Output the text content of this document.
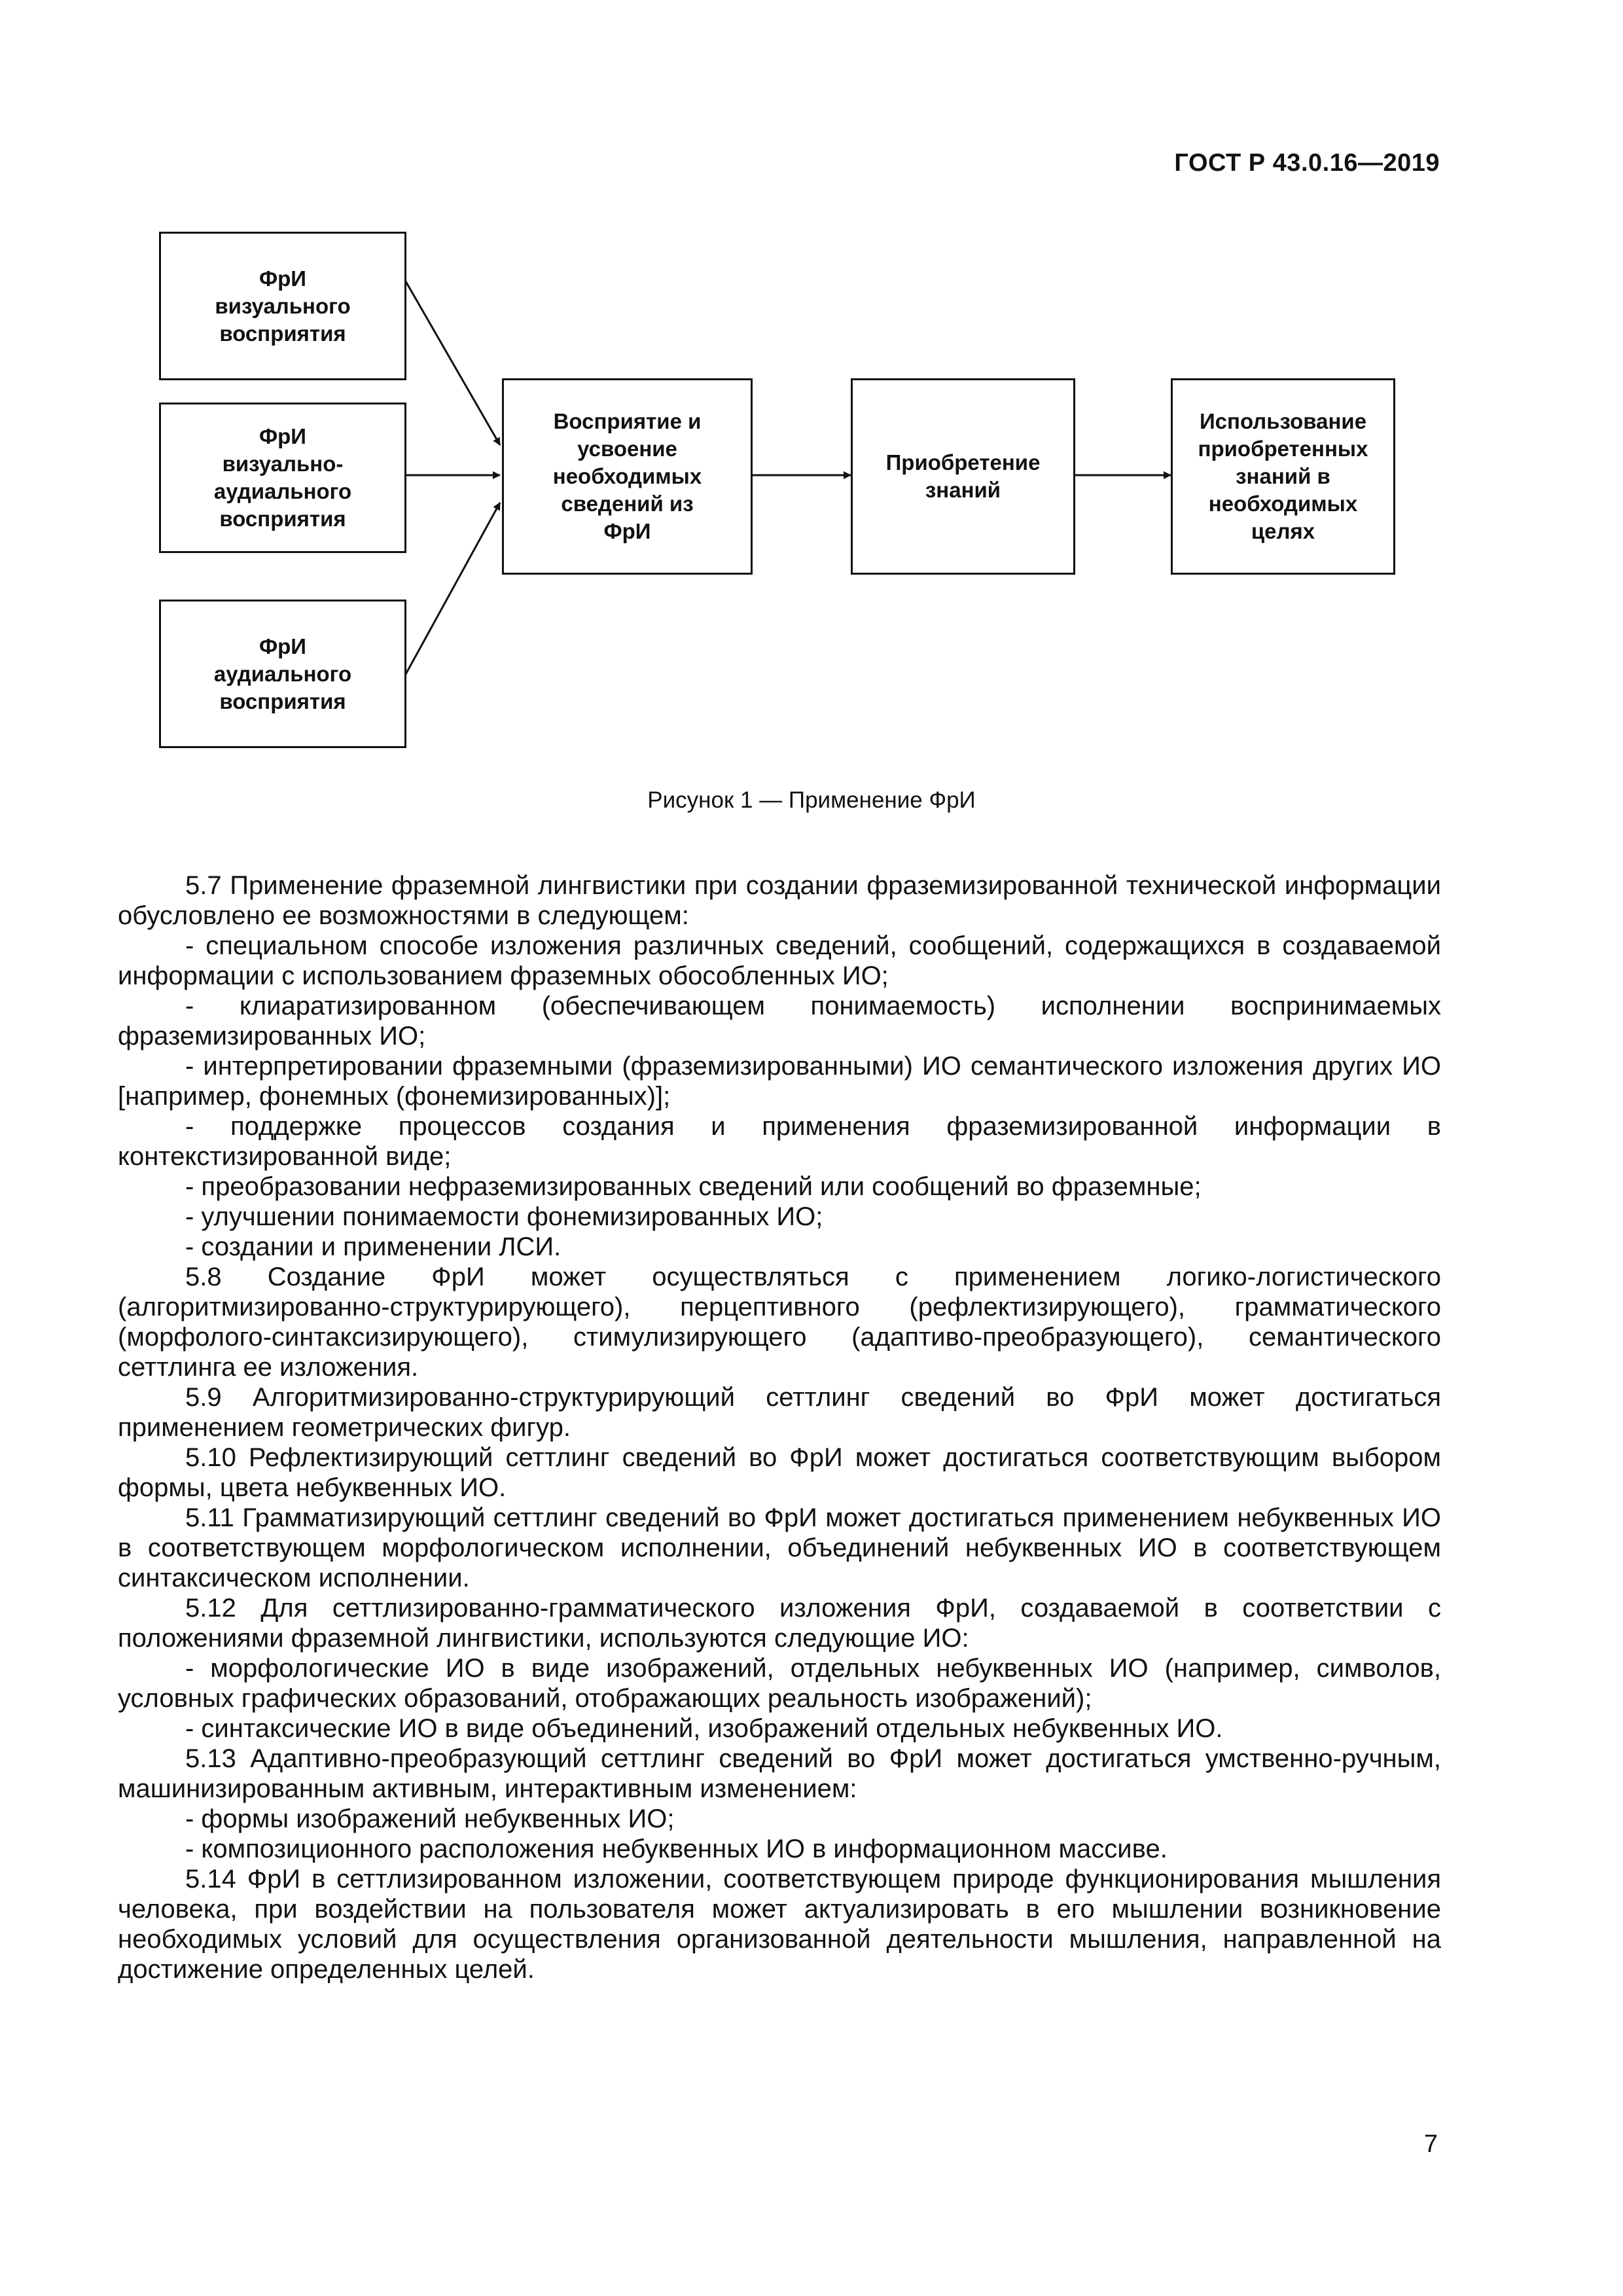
ГОСТ Р 43.0.16—2019
ФрИ
визуального
восприятия
ФрИ
визуально-
аудиального
восприятия
ФрИ
аудиального
восприятия
Восприятие и
усвоение
необходимых
сведений из
ФрИ
Приобретение
знаний
Использование
приобретенных
знаний в
необходимых
целях
Рисунок 1 — Применение ФрИ

5.7 Применение фраземной лингвистики при создании фраземизированной технической информации обусловлено ее возможностями в следующем:

- специальном способе изложения различных сведений, сообщений, содержащихся в создаваемой информации с использованием фраземных обособленных ИО;

- клиаратизированном (обеспечивающем понимаемость) исполнении воспринимаемых фраземизированных ИО;

- интерпретировании фраземными (фраземизированными) ИО семантического изложения других ИО [например, фонемных (фонемизированных)];

- поддержке процессов создания и применения фраземизированной информации в контекстизированной виде;

- преобразовании нефраземизированных сведений или сообщений во фраземные;

- улучшении понимаемости фонемизированных ИО;

- создании и применении ЛСИ.

5.8 Создание ФрИ может осуществляться с применением логико-логистического (алгоритмизированно-структурирующего), перцептивного (рефлектизирующего), грамматического (морфолого-синтаксизирующего), стимулизирующего (адаптиво-преобразующего), семантического сеттлинга ее изложения.

5.9 Алгоритмизированно-структурирующий сеттлинг сведений во ФрИ может достигаться применением геометрических фигур.

5.10 Рефлектизирующий сеттлинг сведений во ФрИ может достигаться соответствующим выбором формы, цвета небуквенных ИО.

5.11 Грамматизирующий сеттлинг сведений во ФрИ может достигаться применением небуквенных ИО в соответствующем морфологическом исполнении, объединений небуквенных ИО в соответствующем синтаксическом исполнении.

5.12 Для сеттлизированно-грамматического изложения ФрИ, создаваемой в соответствии с положениями фраземной лингвистики, используются следующие ИО:

- морфологические ИО в виде изображений, отдельных небуквенных ИО (например, символов, условных графических образований, отображающих реальность изображений);

- синтаксические ИО в виде объединений, изображений отдельных небуквенных ИО.

5.13 Адаптивно-преобразующий сеттлинг сведений во ФрИ может достигаться умственно-ручным, машинизированным активным, интерактивным изменением:

- формы изображений небуквенных ИО;

- композиционного расположения небуквенных ИО в информационном массиве.

5.14 ФрИ в сеттлизированном изложении, соответствующем природе функционирования мышления человека, при воздействии на пользователя может актуализировать в его мышлении возникновение необходимых условий для осуществления организованной деятельности мышления, направленной на достижение определенных целей.

7
